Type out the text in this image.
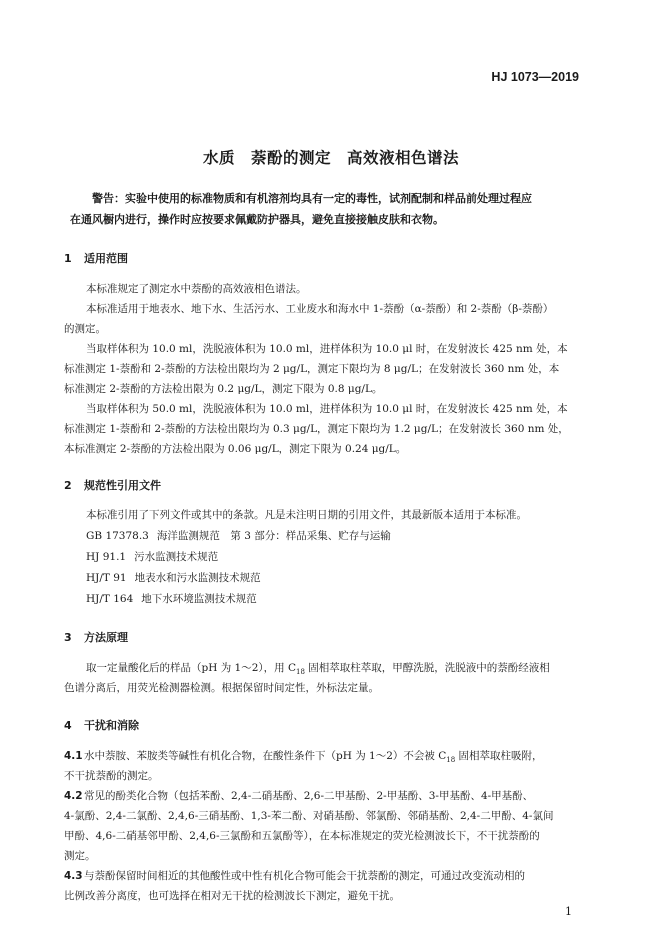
HJ 1073—2019
水质　萘酚的测定　高效液相色谱法
警告：实验中使用的标准物质和有机溶剂均具有一定的毒性，试剂配制和样品前处理过程应
在通风橱内进行，操作时应按要求佩戴防护器具，避免直接接触皮肤和衣物。
1 适用范围
本标准规定了测定水中萘酚的高效液相色谱法。
本标准适用于地表水、地下水、生活污水、工业废水和海水中 1-萘酚（α-萘酚）和 2-萘酚（β-萘酚）
的测定。
当取样体积为 10.0 ml，洗脱液体积为 10.0 ml，进样体积为 10.0 μl 时，在发射波长 425 nm 处，本
标准测定 1-萘酚和 2-萘酚的方法检出限均为 2 μg/L，测定下限均为 8 μg/L；在发射波长 360 nm 处，本
标准测定 2-萘酚的方法检出限为 0.2 μg/L，测定下限为 0.8 μg/L。
当取样体积为 50.0 ml，洗脱液体积为 10.0 ml，进样体积为 10.0 μl 时，在发射波长 425 nm 处，本
标准测定 1-萘酚和 2-萘酚的方法检出限均为 0.3 μg/L，测定下限均为 1.2 μg/L；在发射波长 360 nm 处，
本标准测定 2-萘酚的方法检出限为 0.06 μg/L，测定下限为 0.24 μg/L。
2 规范性引用文件
本标准引用了下列文件或其中的条款。凡是未注明日期的引用文件，其最新版本适用于本标准。
GB 17378.3 海洋监测规范　第 3 部分：样品采集、贮存与运输
HJ 91.1 污水监测技术规范
HJ/T 91 地表水和污水监测技术规范
HJ/T 164 地下水环境监测技术规范
3 方法原理
取一定量酸化后的样品（pH 为 1～2），用 $C_{18}$ 固相萃取柱萃取，甲醇洗脱，洗脱液中的萘酚经液相
色谱分离后，用荧光检测器检测。根据保留时间定性，外标法定量。
4 干扰和消除
4.1水中萘胺、苯胺类等碱性有机化合物，在酸性条件下（pH 为 1～2）不会被 $C_{18}$ 固相萃取柱吸附，
不干扰萘酚的测定。
4.2常见的酚类化合物（包括苯酚、2,4-二硝基酚、2,6-二甲基酚、2-甲基酚、3-甲基酚、4-甲基酚、
4-氯酚、2,4-二氯酚、2,4,6-三硝基酚、1,3-苯二酚、对硝基酚、邻氯酚、邻硝基酚、2,4-二甲酚、4-氯间
甲酚、4,6-二硝基邻甲酚、2,4,6-三氯酚和五氯酚等），在本标准规定的荧光检测波长下，不干扰萘酚的
测定。
4.3与萘酚保留时间相近的其他酸性或中性有机化合物可能会干扰萘酚的测定，可通过改变流动相的
比例改善分离度，也可选择在相对无干扰的检测波长下测定，避免干扰。
1
